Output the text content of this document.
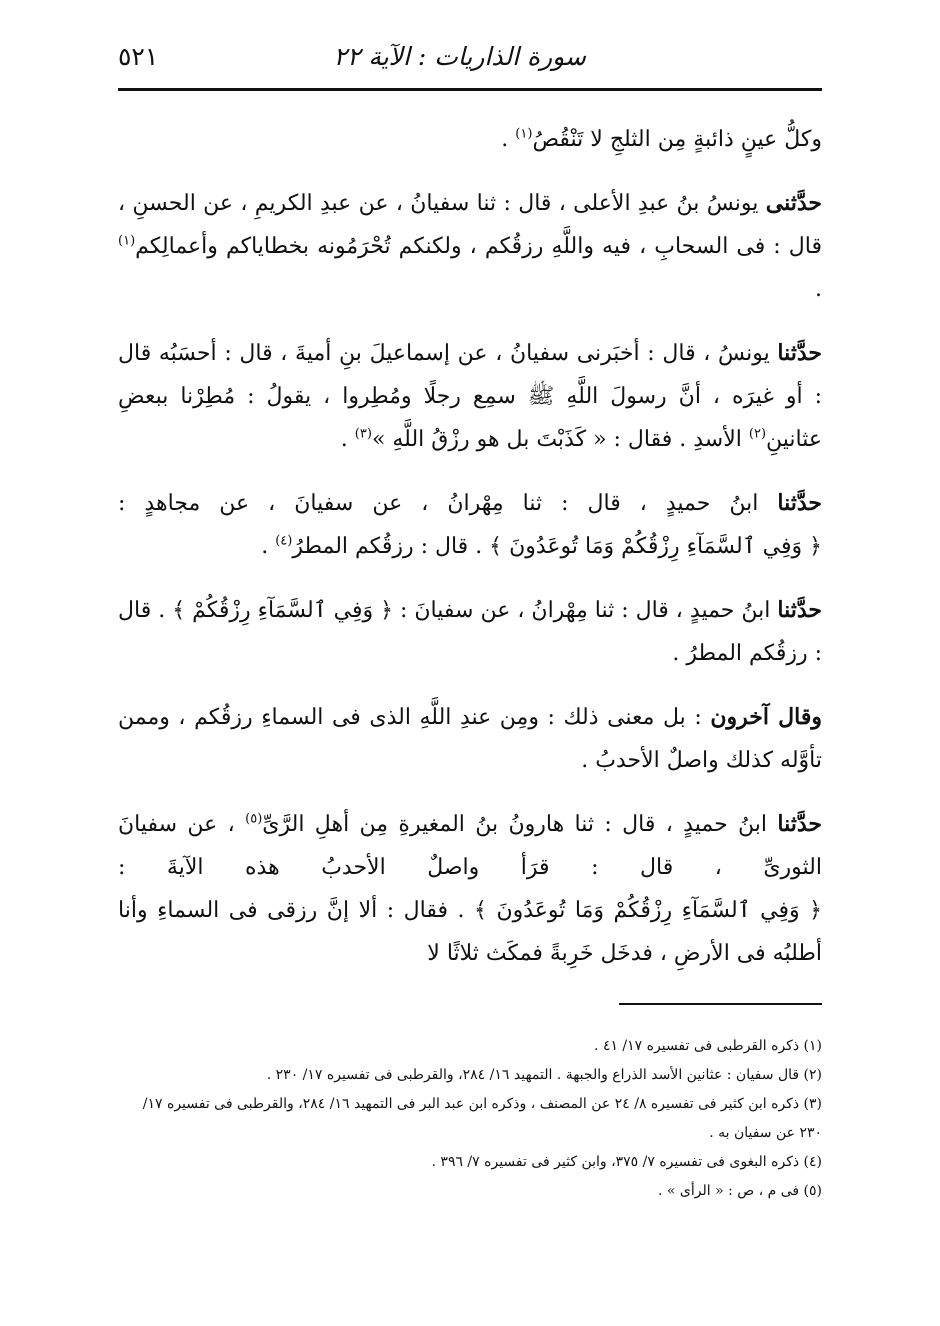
سورة الذاريات : الآية ٢٢
٥٢١

وكلُّ عينٍ ذائبةٍ مِن الثلجِ لا تَنْقُصُ$^{(١)}$ .

حدَّثنى يونسُ بنُ عبدِ الأعلى ، قال : ثنا سفيانُ ، عن عبدِ الكريمِ ، عن الحسنِ ، قال : فى السحابِ ، فيه واللَّهِ رزقُكم ، ولكنكم تُحْرَمُونه بخطاياكم وأعمالِكم$^{(١)}$ .

حدَّثنا يونسُ ، قال : أخبَرنى سفيانُ ، عن إسماعيلَ بنِ أميةَ ، قال : أحسَبُه قال : أو غيرَه ، أنَّ رسولَ اللَّهِ ﷺ سمِع رجلًا ومُطِروا ، يقولُ : مُطِرْنا ببعضِ عثانينِ$^{(٢)}$ الأسدِ . فقال : « كَذَبْتَ بل هو رزْقُ اللَّهِ »$^{(٣)}$ .

حدَّثنا ابنُ حميدٍ ، قال : ثنا مِهْرانُ ، عن سفيانَ ، عن مجاهدٍ : ﴿ وَفِي ٱلسَّمَآءِ رِزْقُكُمْ وَمَا تُوعَدُونَ ﴾ . قال : رزقُكم المطرُ$^{(٤)}$ .

حدَّثنا ابنُ حميدٍ ، قال : ثنا مِهْرانُ ، عن سفيانَ : ﴿ وَفِي ٱلسَّمَآءِ رِزْقُكُمْ ﴾ . قال : رزقُكم المطرُ .

وقال آخرون : بل معنى ذلك : ومِن عندِ اللَّهِ الذى فى السماءِ رزقُكم ، وممن تأوَّله كذلك واصلٌ الأحدبُ .

حدَّثنا ابنُ حميدٍ ، قال : ثنا هارونُ بنُ المغيرةِ مِن أهلِ الرَّىِّ$^{(٥)}$ ، عن سفيانَ الثورىِّ ، قال : قرَأ واصلٌ الأحدبُ هذه الآيةَ : ﴿ وَفِي ٱلسَّمَآءِ رِزْقُكُمْ وَمَا تُوعَدُونَ ﴾ . فقال : ألا إنَّ رزقى فى السماءِ وأنا أطلبُه فى الأرضِ ، فدخَل خَرِبةً فمكَث ثلاثًا لا

(١) ذكره القرطبى فى تفسيره ١٧/ ٤١ .

(٢) قال سفيان : عثانين الأسد الذراع والجبهة . التمهيد ١٦/ ٢٨٤، والقرطبى فى تفسيره ١٧/ ٢٣٠ .

(٣) ذكره ابن كثير فى تفسيره ٨/ ٢٤ عن المصنف ، وذكره ابن عبد البر فى التمهيد ١٦/ ٢٨٤، والقرطبى فى تفسيره ١٧/ ٢٣٠ عن سفيان به .

(٤) ذكره البغوى فى تفسيره ٧/ ٣٧٥، وابن كثير فى تفسيره ٧/ ٣٩٦ .

(٥) فى م ، ص : « الرأى » .
